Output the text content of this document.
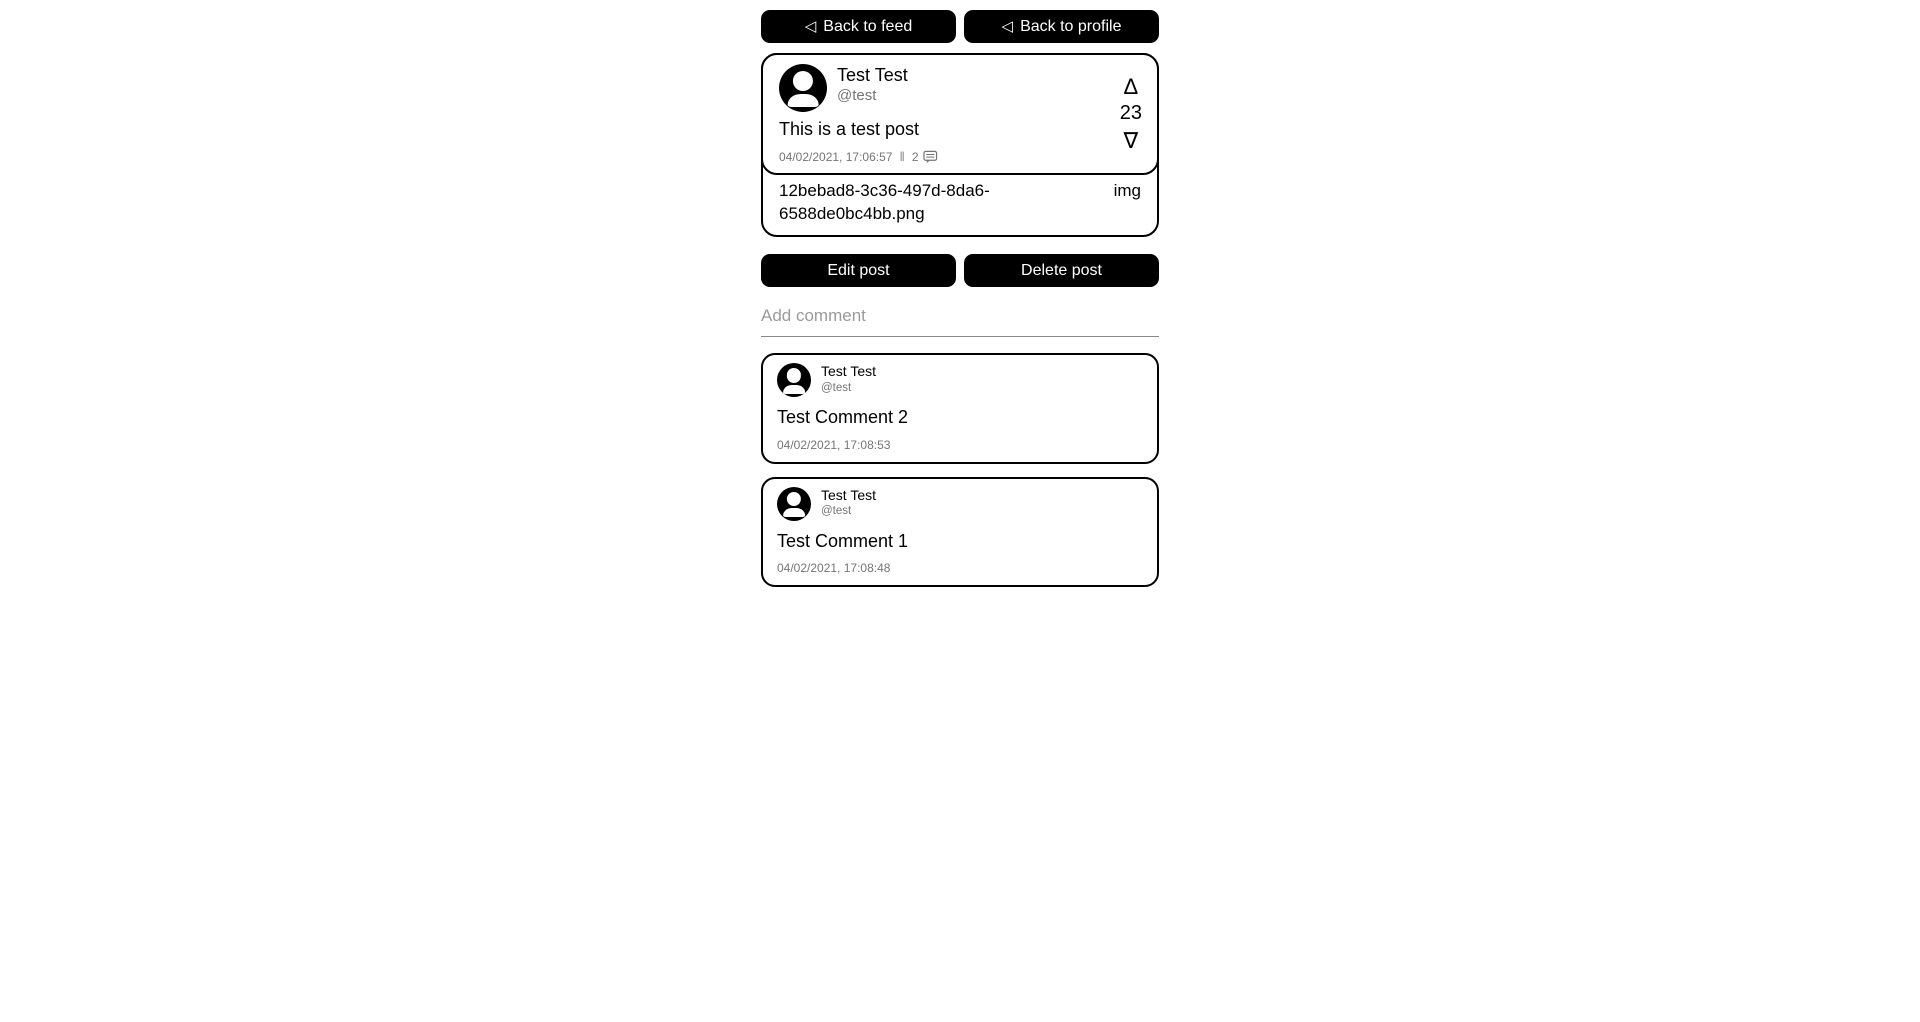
◁ Back to feed	◁ Back to profile
Test Test
@test
This is a test post
04/02/2021, 17:06:57 ‖ 2
Δ
23
∇
12bebad8-3c36-497d-8da6-6588de0bc4bb.png
img
Edit post	Delete post
Add comment
Test Test
@test
Test Comment 2
04/02/2021, 17:08:53
Test Test
@test
Test Comment 1
04/02/2021, 17:08:48
